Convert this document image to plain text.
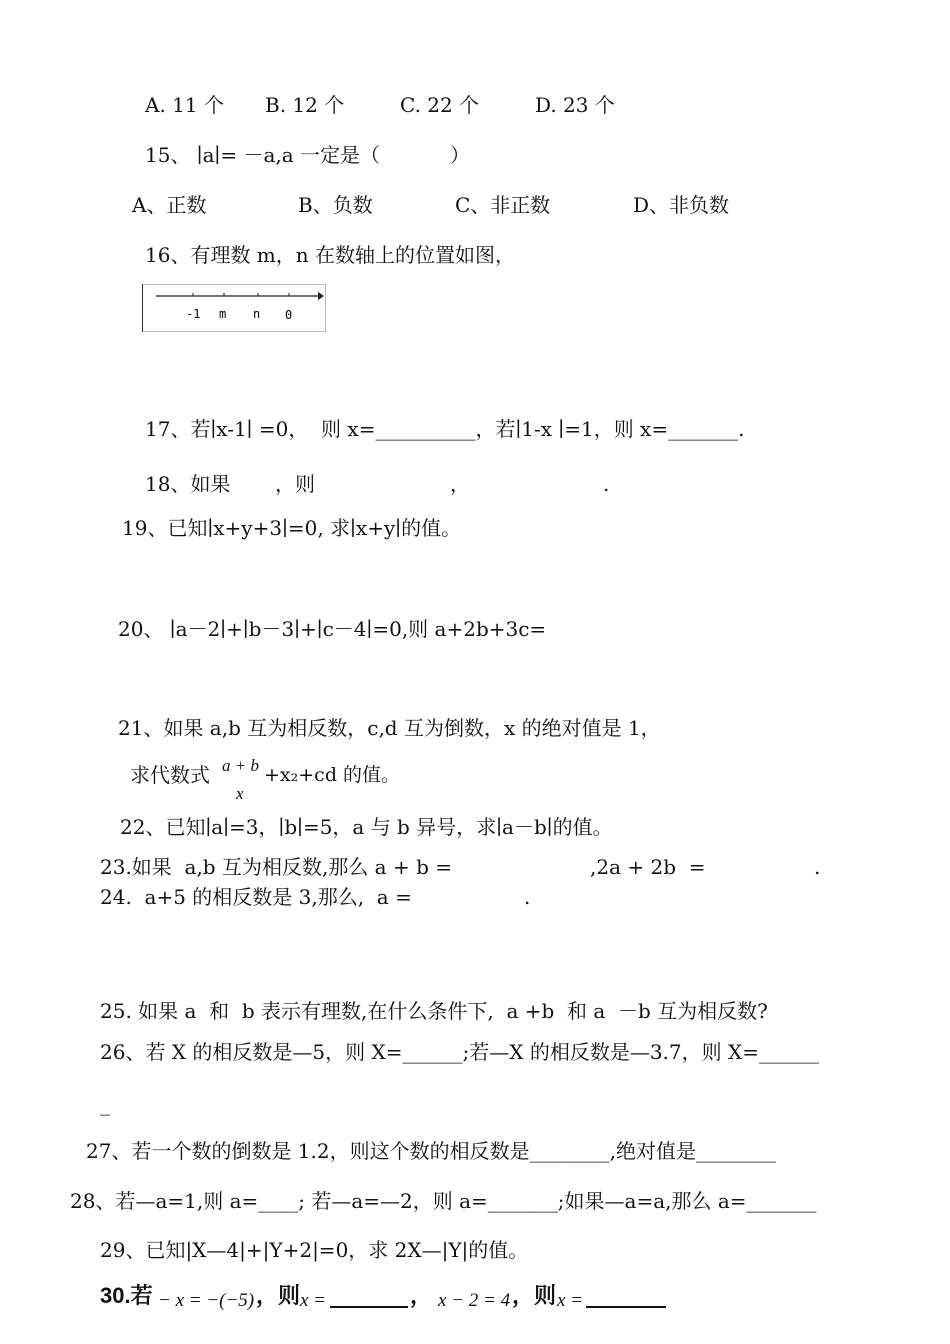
A. 11 个 B. 12 个	C. 22 个	D. 23 个
15、 ∣a∣= －a,a 一定是（           ）
A、正数	B、负数	C、非正数	D、非负数
16、有理数 m，n 在数轴上的位置如图，
-1 m n 0
17、若∣x-1∣ =0，  则 x=__________，若∣1-x ∣=1，则 x=_______.
18、如果 ，则	，	.
19、已知∣x+y+3∣=0, 求∣x+y∣的值。
20、 ∣a－2∣+∣b－3∣+∣c－4∣=0,则 a+2b+3c=
21、如果 a,b 互为相反数，c,d 互为倒数，x 的绝对值是 1，
求代数式 a + b
x
+x₂+cd 的值。
22、已知∣a∣=3，∣b∣=5，a 与 b 异号，求∣a－b∣的值。
23.如果  a,b 互为相反数,那么 a + b =	,2a + 2b  =	.
24.  a+5 的相反数是 3,那么,  a =	.
25. 如果 a  和  b 表示有理数,在什么条件下,  a +b  和 a  －b 互为相反数?
26、若 X 的相反数是—5，则 X=______;若—X 的相反数是—3.7，则 X=______
_
27、若一个数的倒数是 1.2，则这个数的相反数是________,绝对值是________
28、若—a=1,则 a=____; 若—a=—2，则 a=_______;如果—a=a,那么 a=_______
29、已知|X—4|+|Y+2|=0，求 2X—|Y|的值。
30.若 − x = −(−5) ，则 x =	， x − 2 = 4 ，则 x =
